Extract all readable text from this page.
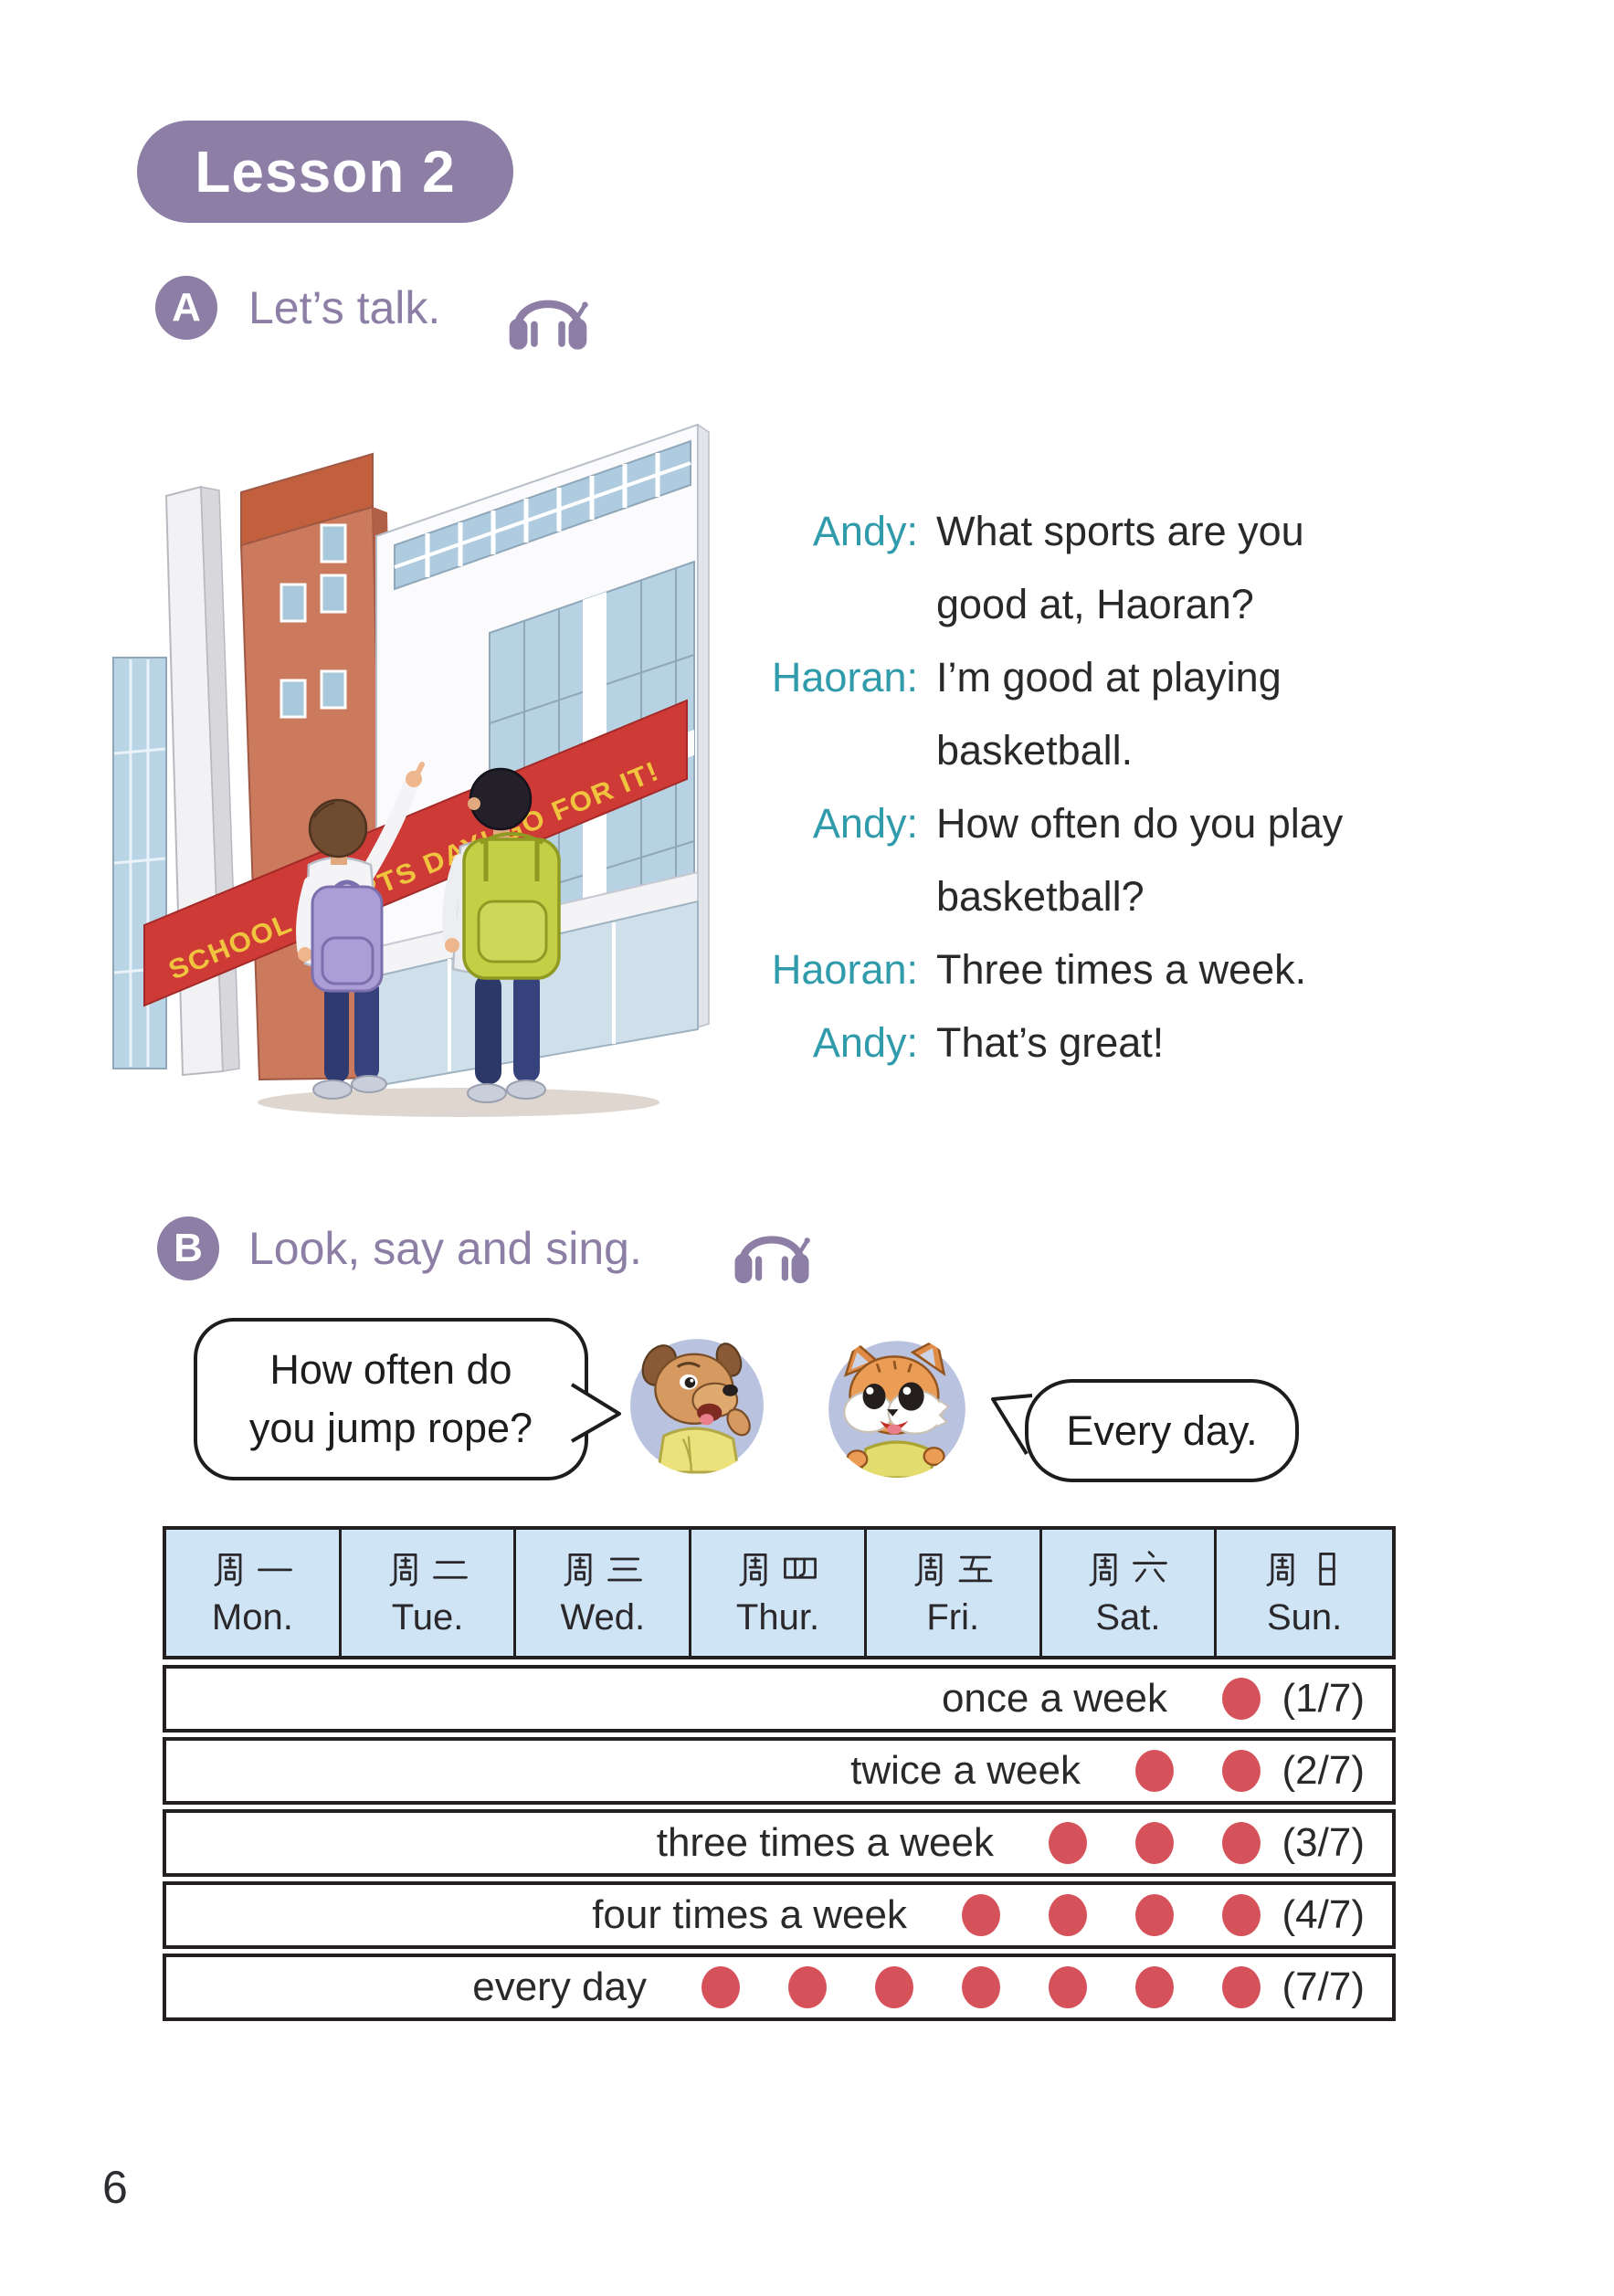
Lesson 2
A Let’s talk.
SCHOOL SPORTS DAY! GO FOR IT!
Andy: What sports are you
good at, Haoran?
Haoran: I’m good at playing
basketball.
Andy: How often do you play
basketball?
Haoran: Three times a week.
Andy: That’s great!
B Look, say and sing.
How often do
you jump rope?	Every day.
Mon.	Tue.	Wed. Thur.	Fri.	Sat.	Sun.
once a week	(1/7)
twice a week	(2/7)
three times a week	(3/7)
four times a week	(4/7)
every day	(7/7)
6
